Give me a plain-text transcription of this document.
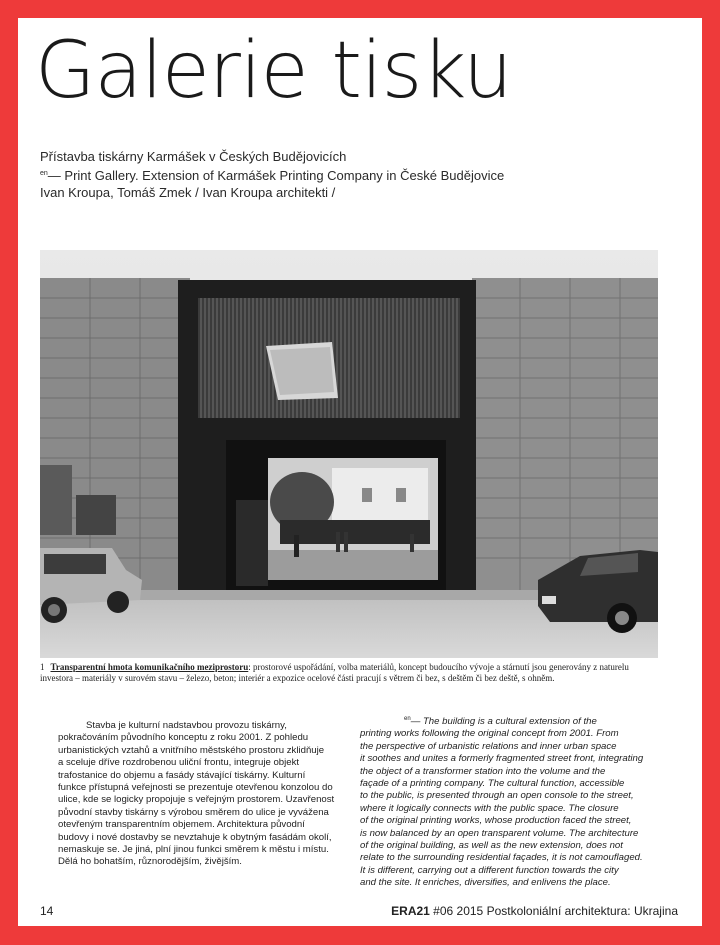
Galerie tisku
Přístavba tiskárny Karmášek v Českých Budějovicích
$^{en}$— Print Gallery. Extension of Karmášek Printing Company in České Budějovice
Ivan Kroupa, Tomáš Zmek / Ivan Kroupa architekti /
1 Transparentní hmota komunikačního meziprostoru: prostorové uspořádání, volba materiálů, koncept budoucího vývoje a stárnutí jsou generovány z naturelu investora – materiály v surovém stavu – železo, beton; interiér a expozice ocelové části pracují s větrem či bez, s deštěm či bez deště, s ohněm.
Stavba je kulturní nadstavbou provozu tiskárny,
pokračováním původního konceptu z roku 2001. Z pohledu
urbanistických vztahů a vnitřního městského prostoru zklidňuje
a sceluje dříve rozdrobenou uliční frontu, integruje objekt
trafostanice do objemu a fasády stávající tiskárny. Kulturní
funkce přístupná veřejnosti se prezentuje otevřenou konzolou do
ulice, kde se logicky propojuje s veřejným prostorem. Uzavřenost
původní stavby tiskárny s výrobou směrem do ulice je vyvážena
otevřeným transparentním objemem. Architektura původní
budovy i nové dostavby se nevztahuje k obytným fasádám okolí,
nemaskuje se. Je jiná, plní jinou funkci směrem k městu i místu.
Dělá ho bohatším, různorodějším, živějším.
$^{en}$— The building is a cultural extension of the
printing works following the original concept from 2001. From
the perspective of urbanistic relations and inner urban space
it soothes and unites a formerly fragmented street front, integrating
the object of a transformer station into the volume and the
façade of a printing company. The cultural function, accessible
to the public, is presented through an open console to the street,
where it logically connects with the public space. The closure
of the original printing works, whose production faced the street,
is now balanced by an open transparent volume. The architecture
of the original building, as well as the new extension, does not
relate to the surrounding residential façades, it is not camouflaged.
It is different, carrying out a different function towards the city
and the site. It enriches, diversifies, and enlivens the place.
14	ERA21 #06 2015 Postkoloniální architektura: Ukrajina
